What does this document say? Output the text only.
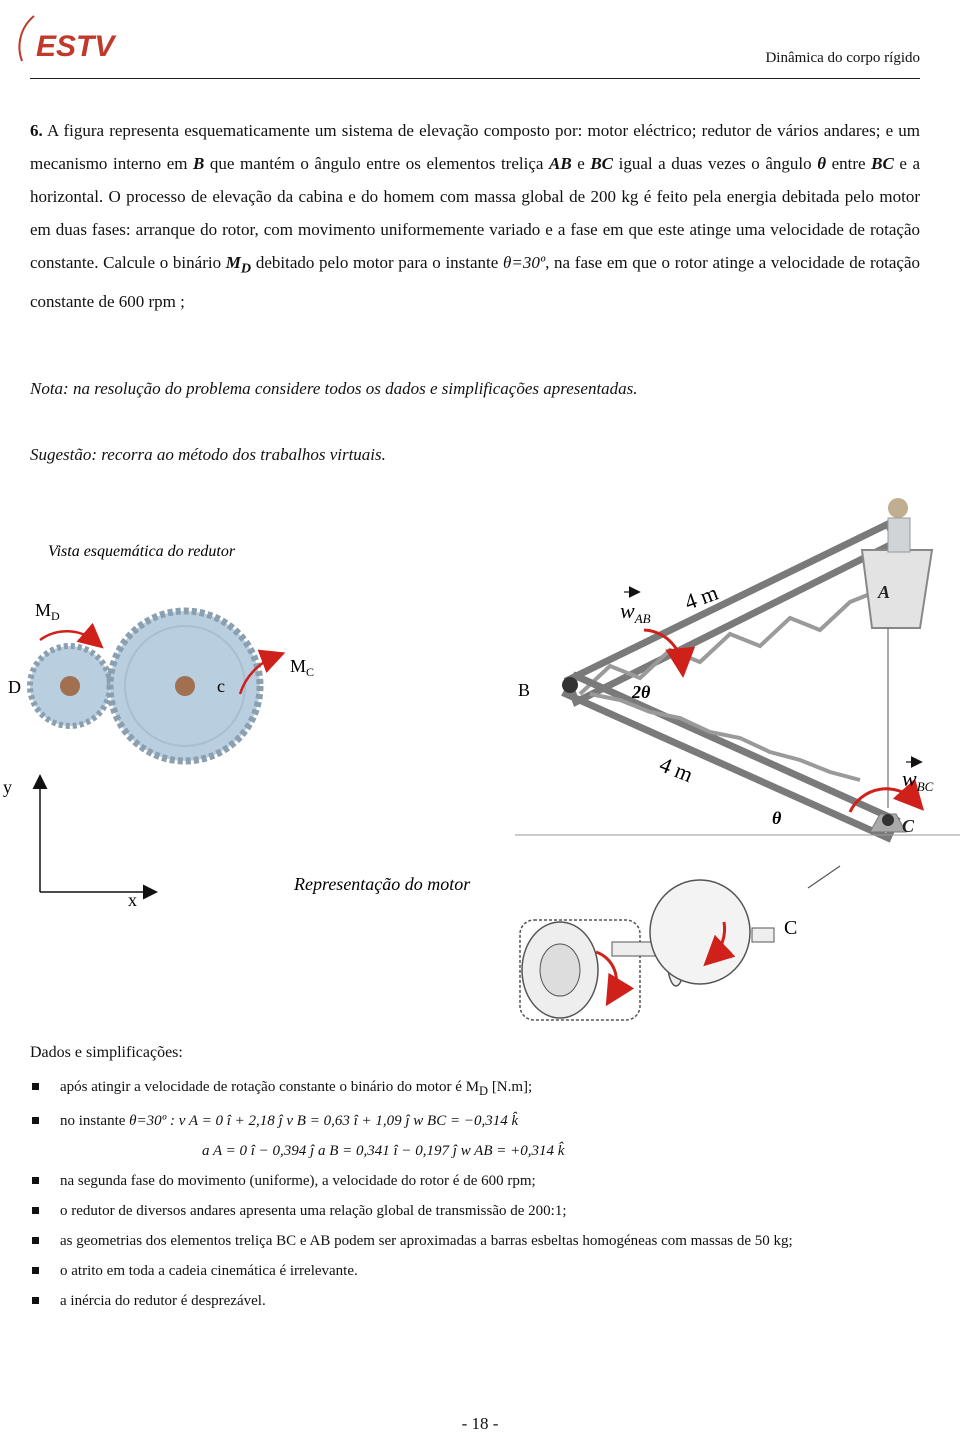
ESTV	Dinâmica do corpo rígido
6. A figura representa esquematicamente um sistema de elevação composto por: motor eléctrico; redutor de vários andares; e um mecanismo interno em B que mantém o ângulo entre os elementos treliça AB e BC igual a duas vezes o ângulo θ entre BC e a horizontal. O processo de elevação da cabina e do homem com massa global de 200 kg é feito pela energia debitada pelo motor em duas fases: arranque do rotor, com movimento uniformemente variado e a fase em que este atinge uma velocidade de rotação constante. Calcule o binário $M_D$ debitado pelo motor para o instante θ=30º, na fase em que o rotor atinge a velocidade de rotação constante de 600 rpm ;
Nota: na resolução do problema considere todos os dados e simplificações apresentadas.
Sugestão: recorra ao método dos trabalhos virtuais.
Vista esquemática do redutor
$M_D$
$M_C$
D	c
A
$w_{AB}$
4 m
B	2θ
4 m
C
$w_{BC}$
θ
y
x
Representação do motor
C
Dados e simplificações:
após atingir a velocidade de rotação constante o binário do motor é $M_D$ [N.m];
no instante θ=30º : v A = 0 î + 2,18 ĵ v B = 0,63 î + 1,09 ĵ w BC = −0,314 k̂
a A = 0 î − 0,394 ĵ a B = 0,341 î − 0,197 ĵ w AB = +0,314 k̂
na segunda fase do movimento (uniforme), a velocidade do rotor é de 600 rpm;
o redutor de diversos andares apresenta uma relação global de transmissão de 200:1;
as geometrias dos elementos treliça BC e AB podem ser aproximadas a barras esbeltas homogéneas com massas de 50 kg;
o atrito em toda a cadeia cinemática é irrelevante.
a inércia do redutor é desprezável.
- 18 -
